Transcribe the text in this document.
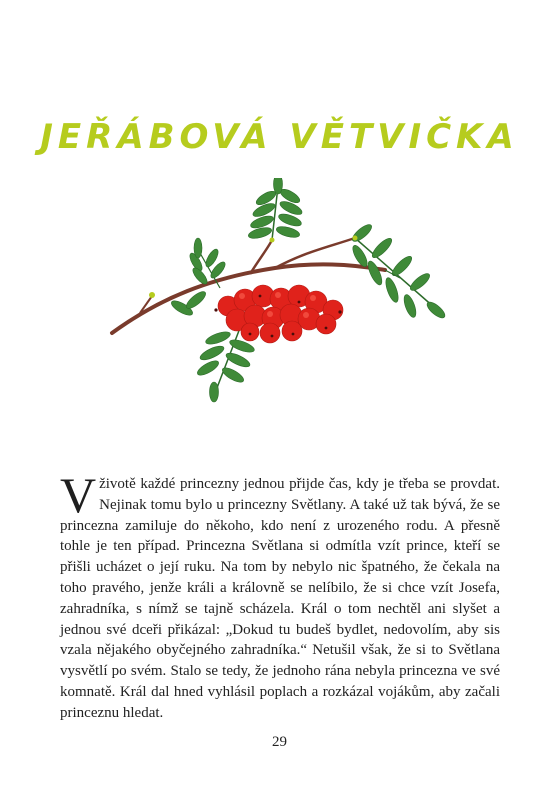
JEŘÁBOVÁ VĚTVIČKA
V životě každé princezny jednou přijde čas, kdy je třeba se provdat. Nejinak tomu bylo u princezny Světlany. A také už tak bývá, že se princezna zamiluje do někoho, kdo není z urozeného rodu. A přesně tohle je ten případ. Princezna Světlana si odmítla vzít prince, kteří se přišli ucházet o její ruku. Na tom by nebylo nic špatného, že čekala na toho pravého, jenže králi a královně se nelíbilo, že si chce vzít Josefa, zahradníka, s nímž se tajně scházela. Král o tom nechtěl ani slyšet a jednou své dceři přikázal: „Dokud tu budeš bydlet, nedovolím, aby sis vzala nějakého obyčejného zahradníka.“ Netušil však, že si to Světlana vysvětlí po svém. Stalo se tedy, že jednoho rána nebyla princezna ve své komnatě. Král dal hned vyhlásil poplach a rozkázal vojákům, aby začali princeznu hledat.
29
